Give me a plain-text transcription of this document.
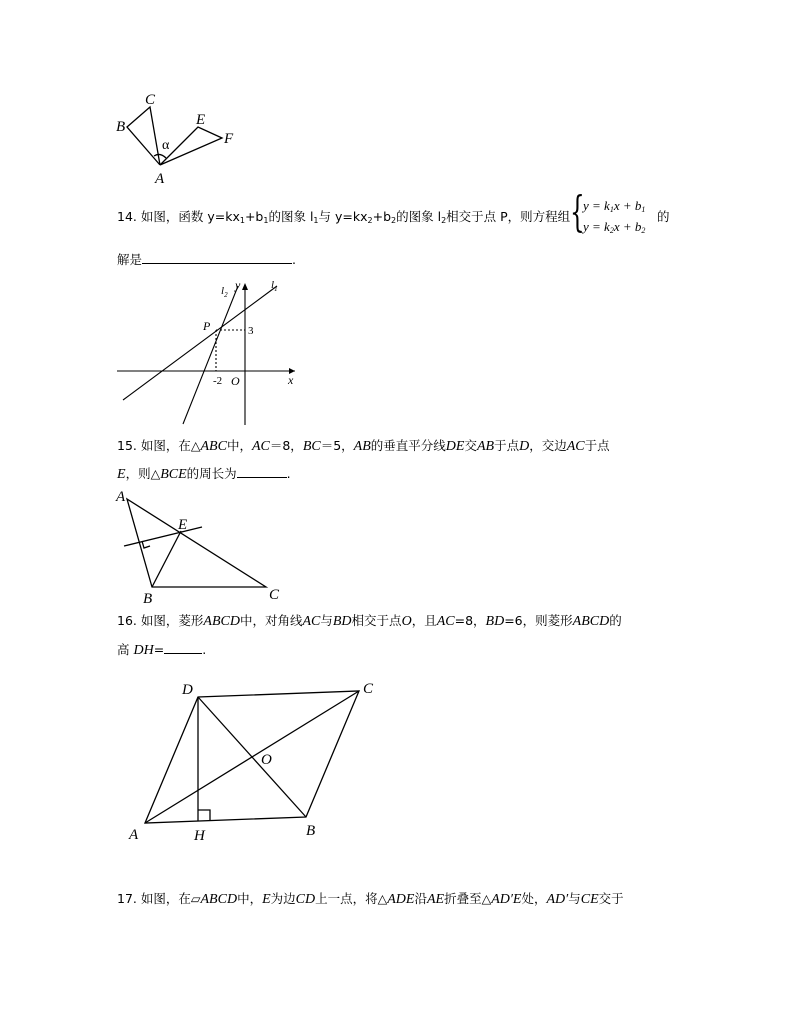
B
C
E
F
A
α
14. 如图，函数 $y=kx_1+b_1$的图象 $l_1$与 $y=kx_2+b_2$的图象 $l_2$相交于点 P，则方程组 {
$y = k_1x + b_1$
$y = k_2x + b_2$
的
解是	.
$l_2$
y	$l_1$
P	3
-2 O	x
15. 如图，在△ABC中，AC＝8，BC＝5，AB的垂直平分线DE交AB于点D，交边AC于点
E，则△BCE的周长为	.
A
E
B	C
16. 如图，菱形ABCD中，对角线AC与BD相交于点O，且AC=8，BD=6，则菱形ABCD的
高 DH=	.
D	C
O
A	H	B
17. 如图，在▱ABCD中，E为边CD上一点，将△ADE沿AE折叠至△AD′E处，AD′与CE交于
